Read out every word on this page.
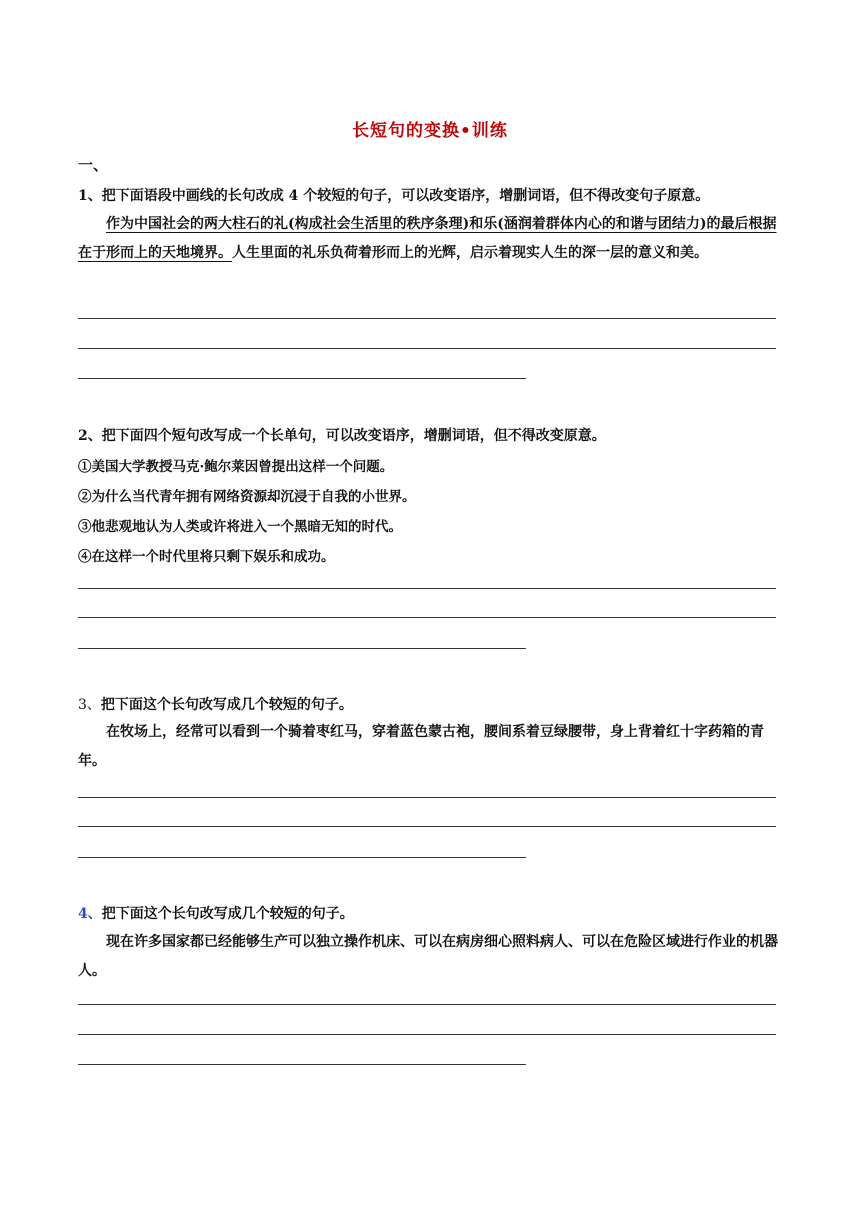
长短句的变换•训练
一、
1、把下面语段中画线的长句改成 4 个较短的句子，可以改变语序，增删词语，但不得改变句子原意。
作为中国社会的两大柱石的礼(构成社会生活里的秩序条理)和乐(涵润着群体内心的和谐与团结力)的最后根据在于形而上的天地境界。人生里面的礼乐负荷着形而上的光辉，启示着现实人生的深一层的意义和美。
2、把下面四个短句改写成一个长单句，可以改变语序，增删词语，但不得改变原意。
①美国大学教授马克·鲍尔莱因曾提出这样一个问题。
②为什么当代青年拥有网络资源却沉浸于自我的小世界。
③他悲观地认为人类或许将进入一个黑暗无知的时代。
④在这样一个时代里将只剩下娱乐和成功。
3、把下面这个长句改写成几个较短的句子。
在牧场上，经常可以看到一个骑着枣红马，穿着蓝色蒙古袍，腰间系着豆绿腰带，身上背着红十字药箱的青年。
4、把下面这个长句改写成几个较短的句子。
现在许多国家都已经能够生产可以独立操作机床、可以在病房细心照料病人、可以在危险区域进行作业的机器人。
